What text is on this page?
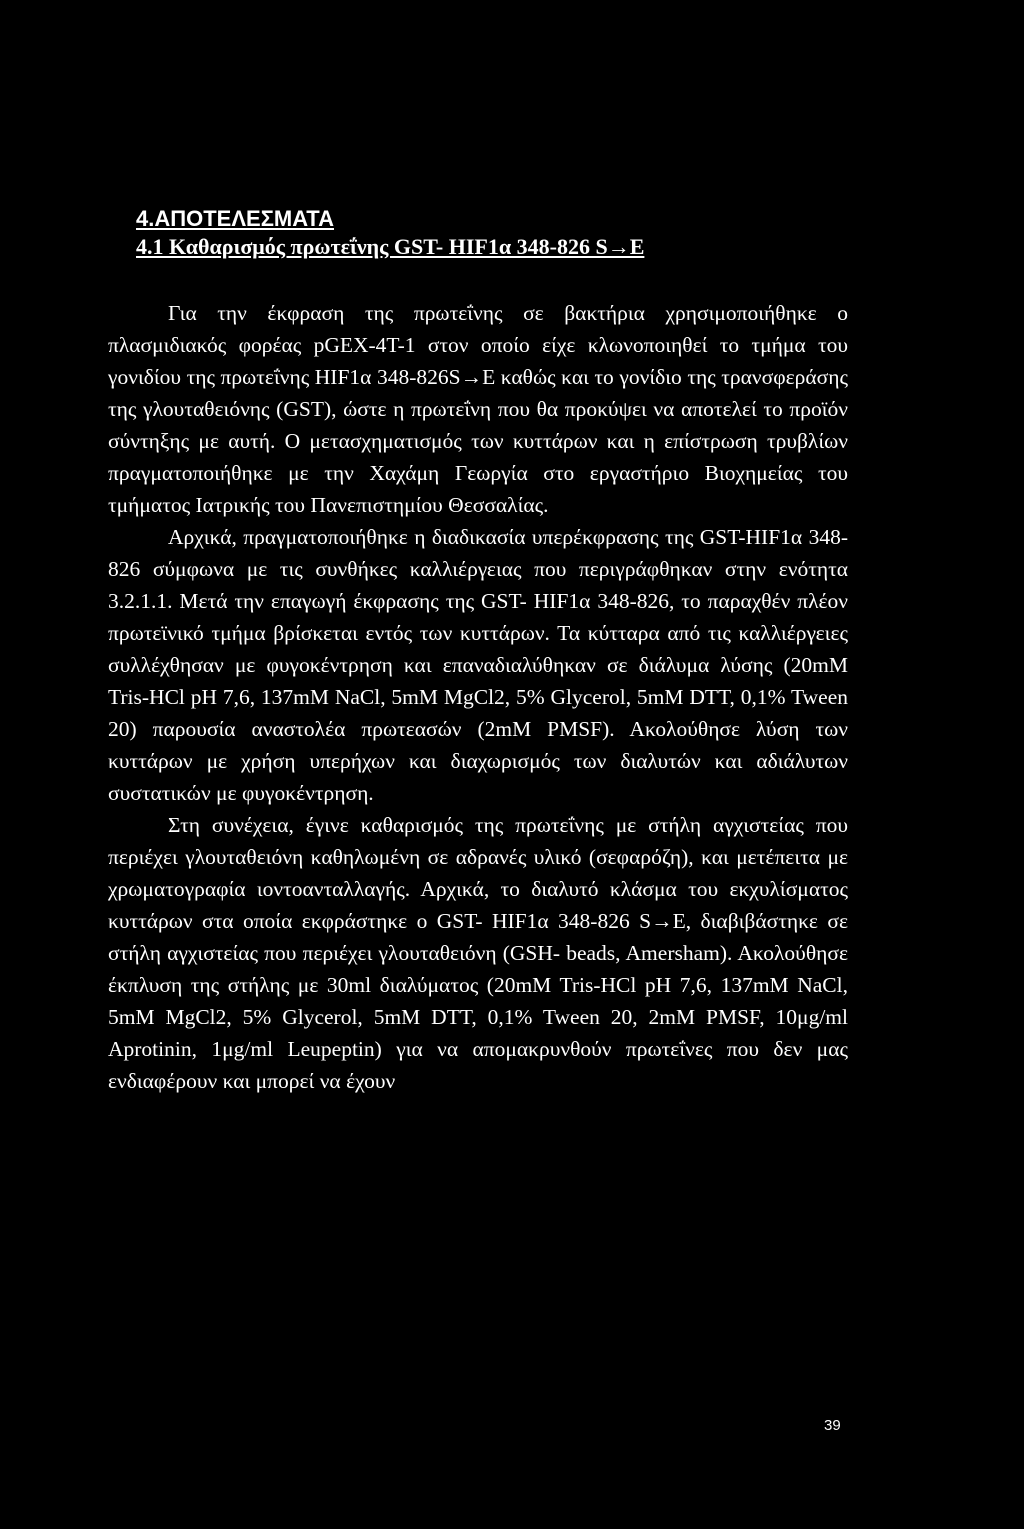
4.ΑΠΟΤΕΛΕΣΜΑΤΑ
4.1 Καθαρισμός πρωτεΐνης GST- HIF1α 348-826 S→E

Για την έκφραση της πρωτεΐνης σε βακτήρια χρησιμοποιήθηκε ο πλασμιδιακός φορέας pGEX-4T-1 στον οποίο είχε κλωνοποιηθεί το τμήμα του γονιδίου της πρωτεΐνης HIF1α 348-826S→E καθώς και το γονίδιο της τρανσφεράσης της γλουταθειόνης (GST), ώστε η πρωτεΐνη που θα προκύψει να αποτελεί το προϊόν σύντηξης με αυτή. Ο μετασχηματισμός των κυττάρων και η επίστρωση τρυβλίων πραγματοποιήθηκε με την Χαχάμη Γεωργία στο εργαστήριο Βιοχημείας του τμήματος Ιατρικής του Πανεπιστημίου Θεσσαλίας.

Αρχικά, πραγματοποιήθηκε η διαδικασία υπερέκφρασης της GST-HIF1α 348-826 σύμφωνα με τις συνθήκες καλλιέργειας που περιγράφθηκαν στην ενότητα 3.2.1.1. Μετά την επαγωγή έκφρασης της GST- HIF1α 348-826, το παραχθέν πλέον πρωτεϊνικό τμήμα βρίσκεται εντός των κυττάρων. Τα κύτταρα από τις καλλιέργειες συλλέχθησαν με φυγοκέντρηση και επαναδιαλύθηκαν σε διάλυμα λύσης (20mM Tris-HCl pH 7,6, 137mM NaCl, 5mM MgCl2, 5% Glycerol, 5mM DTT, 0,1% Tween 20) παρουσία αναστολέα πρωτεασών (2mM PMSF). Ακολούθησε λύση των κυττάρων με χρήση υπερήχων και διαχωρισμός των διαλυτών και αδιάλυτων συστατικών με φυγοκέντρηση.

Στη συνέχεια, έγινε καθαρισμός της πρωτεΐνης με στήλη αγχιστείας που περιέχει γλουταθειόνη καθηλωμένη σε αδρανές υλικό (σεφαρόζη), και μετέπειτα με χρωματογραφία ιοντοανταλλαγής. Αρχικά, το διαλυτό κλάσμα του εκχυλίσματος κυττάρων στα οποία εκφράστηκε ο GST- HIF1α 348-826 S→E, διαβιβάστηκε σε στήλη αγχιστείας που περιέχει γλουταθειόνη (GSH- beads, Amersham). Ακολούθησε έκπλυση της στήλης με 30ml διαλύματος (20mM Tris-HCl pH 7,6, 137mM NaCl, 5mM MgCl2, 5% Glycerol, 5mM DTT, 0,1% Tween 20, 2mM PMSF, 10μg/ml Aprotinin, 1μg/ml Leupeptin) για να απομακρυνθούν πρωτεΐνες που δεν μας ενδιαφέρουν και μπορεί να έχουν

39
